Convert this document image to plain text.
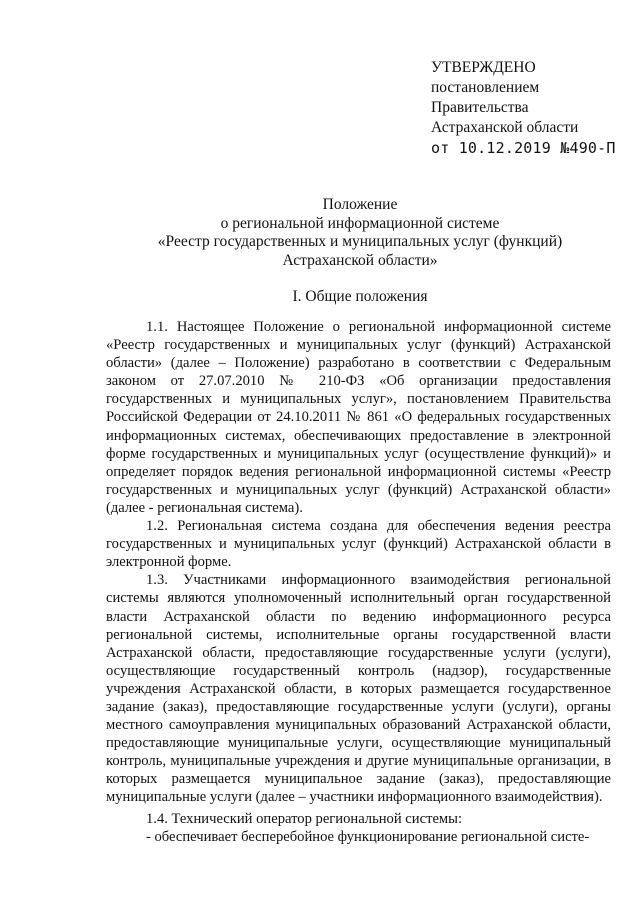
УТВЕРЖДЕНО
постановлением
Правительства
Астраханской области
от 10.12.2019 №490-П
Положение
о региональной информационной системе
«Реестр государственных и муниципальных услуг (функций)
Астраханской области»
I. Общие положения

1.1. Настоящее Положение о региональной информационной системе «Реестр государственных и муниципальных услуг (функций) Астраханской области» (далее – Положение) разработано в соответствии с Федеральным законом от 27.07.2010 № 210-ФЗ «Об организации предоставления государственных и муниципальных услуг», постановлением Правительства Российской Федерации от 24.10.2011 № 861 «О федеральных государственных информационных системах, обеспечивающих предоставление в электронной форме государственных и муниципальных услуг (осуществление функций)» и определяет порядок ведения региональной информационной системы «Реестр государственных и муниципальных услуг (функций) Астраханской области» (далее - региональная система).

1.2. Региональная система создана для обеспечения ведения реестра государственных и муниципальных услуг (функций) Астраханской области в электронной форме.

1.3. Участниками информационного взаимодействия региональной системы являются уполномоченный исполнительный орган государственной власти Астраханской области по ведению информационного ресурса региональной системы, исполнительные органы государственной власти Астраханской области, предоставляющие государственные услуги (услуги), осуществляющие государственный контроль (надзор), государственные учреждения Астраханской области, в которых размещается государственное задание (заказ), предоставляющие государственные услуги (услуги), органы местного самоуправления муниципальных образований Астраханской области, предоставляющие муниципальные услуги, осуществляющие муниципальный контроль, муниципальные учреждения и другие муниципальные организации, в которых размещается муниципальное задание (заказ), предоставляющие муниципальные услуги (далее – участники информационного взаимодействия).

1.4. Технический оператор региональной системы:
- обеспечивает бесперебойное функционирование региональной систе-
